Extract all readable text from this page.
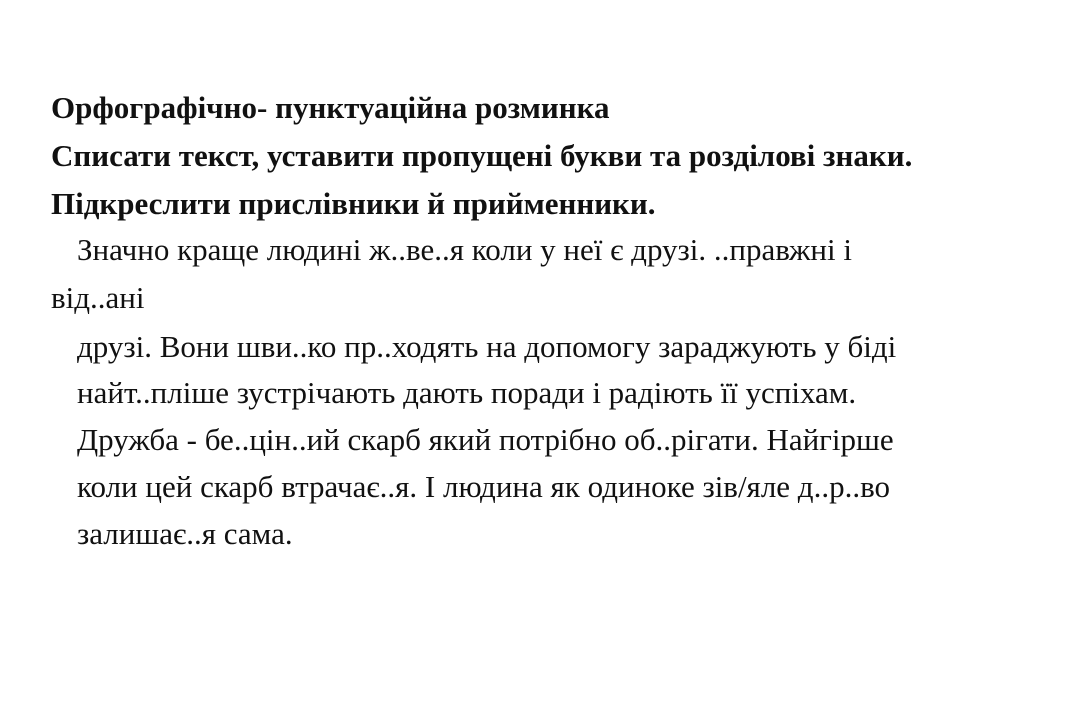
Орфографічно- пунктуаційна розминка
Списати текст, уставити пропущені букви та розділові знаки.
Підкреслити прислівники й прийменники.
Значно краще людині ж..ве..я коли у неї є друзі. ..правжні і
від..ані
друзі. Вони шви..ко пр..ходять на допомогу зараджують у біді
найт..пліше зустрічають дають поради і радіють її успіхам.
Дружба - бе..цін..ий скарб який потрібно об..рігати. Найгірше
коли цей скарб втрачає..я. І людина як одиноке зів/яле д..р..во
залишає..я сама.
